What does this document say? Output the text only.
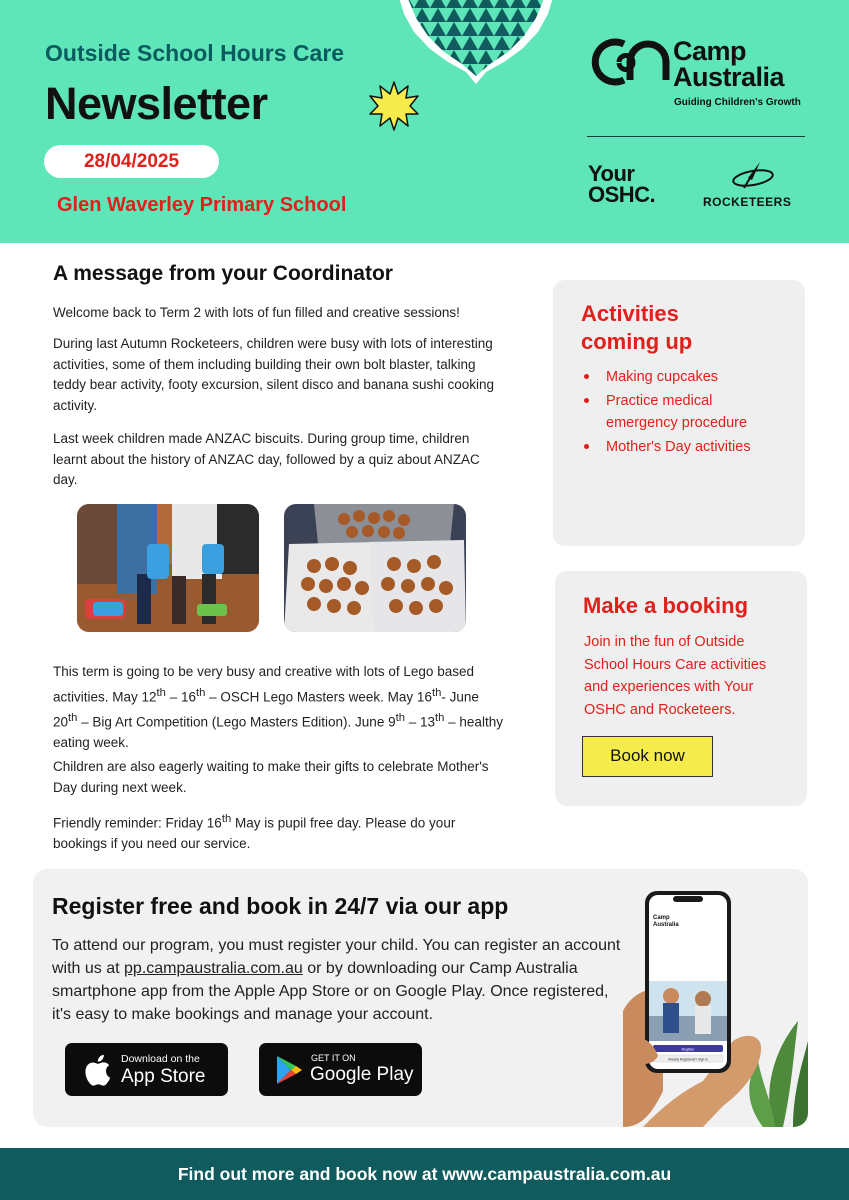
Outside School Hours Care
Newsletter
28/04/2025
Glen Waverley Primary School
Camp
Australia
Guiding Children's Growth
Your
OSHC.	ROCKETEERS
A message from your Coordinator
Welcome back to Term 2 with lots of fun filled and creative sessions!
During last Autumn Rocketeers, children were busy with lots of interesting activities, some of them including building their own bolt blaster, talking teddy bear activity, footy excursion, silent disco and banana sushi cooking activity.
Last week children made ANZAC biscuits. During group time, children learnt about the history of ANZAC day, followed by a quiz about ANZAC day.
This term is going to be very busy and creative with lots of Lego based activities. May 12th – 16th – OSCH Lego Masters week. May 16th- June 20th – Big Art Competition (Lego Masters Edition). June 9th – 13th – healthy eating week.
Children are also eagerly waiting to make their gifts to celebrate Mother's Day during next week.
Friendly reminder: Friday 16th May is pupil free day. Please do your bookings if you need our service.
Activities
coming up
Making cupcakes
Practice medical emergency procedure
Mother's Day activities
Make a booking
Join in the fun of Outside School Hours Care activities and experiences with Your OSHC and Rocketeers.
Book now
Register free and book in 24/7 via our app
To attend our program, you must register your child. You can register an account with us at pp.campaustralia.com.au or by downloading our Camp Australia smartphone app from the Apple App Store or on Google Play. Once registered, it's easy to make bookings and manage your account.
Download on the
App Store
GET IT ON
Google Play
Camp
Australia
Register
Already Registered? Sign In
Find out more and book now at www.campaustralia.com.au
